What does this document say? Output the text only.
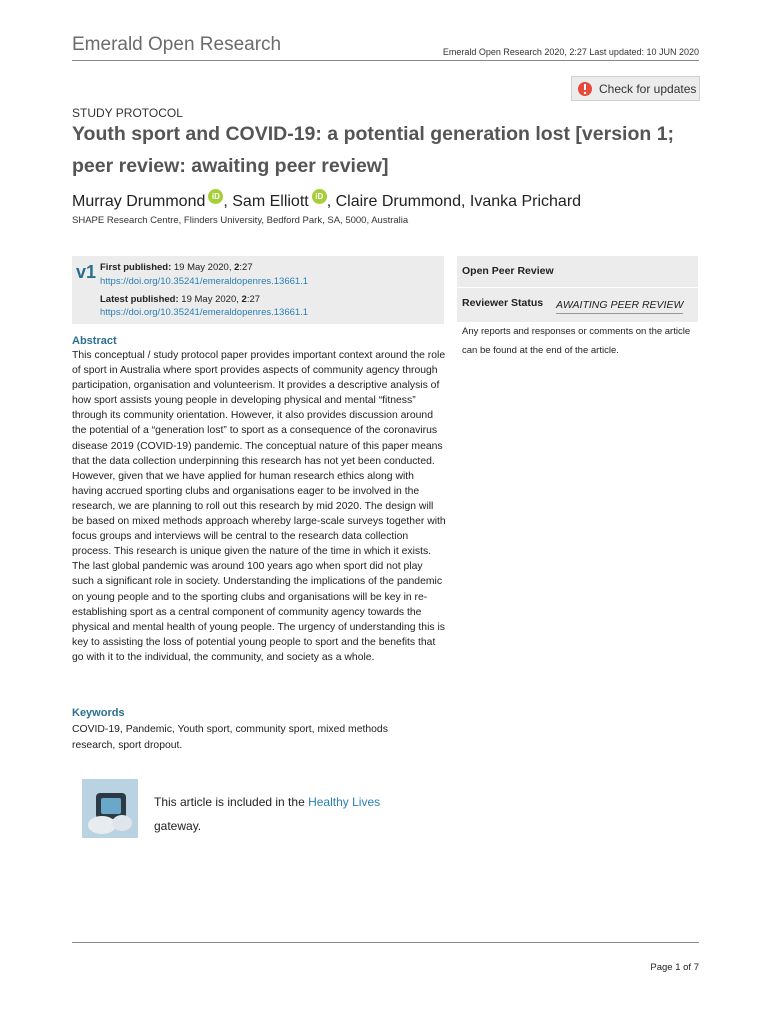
Emerald Open Research	Emerald Open Research 2020, 2:27 Last updated: 10 JUN 2020
Check for updates
STUDY PROTOCOL
Youth sport and COVID-19: a potential generation lost [version 1; peer review: awaiting peer review]
Murray Drummond iD , Sam Elliott iD , Claire Drummond, Ivanka Prichard
SHAPE Research Centre, Flinders University, Bedford Park, SA, 5000, Australia
v1 First published: 19 May 2020, 2:27
https://doi.org/10.35241/emeraldopenres.13661.1
Latest published: 19 May 2020, 2:27
https://doi.org/10.35241/emeraldopenres.13661.1
Abstract
This conceptual / study protocol paper provides important context around the role of sport in Australia where sport provides aspects of community agency through participation, organisation and volunteerism. It provides a descriptive analysis of how sport assists young people in developing physical and mental “fitness” through its community orientation. However, it also provides discussion around the potential of a “generation lost” to sport as a consequence of the coronavirus disease 2019 (COVID-19) pandemic. The conceptual nature of this paper means that the data collection underpinning this research has not yet been conducted. However, given that we have applied for human research ethics along with having accrued sporting clubs and organisations eager to be involved in the research, we are planning to roll out this research by mid 2020. The design will be based on mixed methods approach whereby large-scale surveys together with focus groups and interviews will be central to the research data collection process. This research is unique given the nature of the time in which it exists. The last global pandemic was around 100 years ago when sport did not play such a significant role in society. Understanding the implications of the pandemic on young people and to the sporting clubs and organisations will be key in re-establishing sport as a central component of community agency towards the physical and mental health of young people. The urgency of understanding this is key to assisting the loss of potential young people to sport and the benefits that go with it to the individual, the community, and society as a whole.
Keywords
COVID-19, Pandemic, Youth sport, community sport, mixed methods research, sport dropout.
Open Peer Review
Reviewer Status AWAITING PEER REVIEW
Any reports and responses or comments on the article can be found at the end of the article.
This article is included in the Healthy Lives
gateway.
Page 1 of 7
